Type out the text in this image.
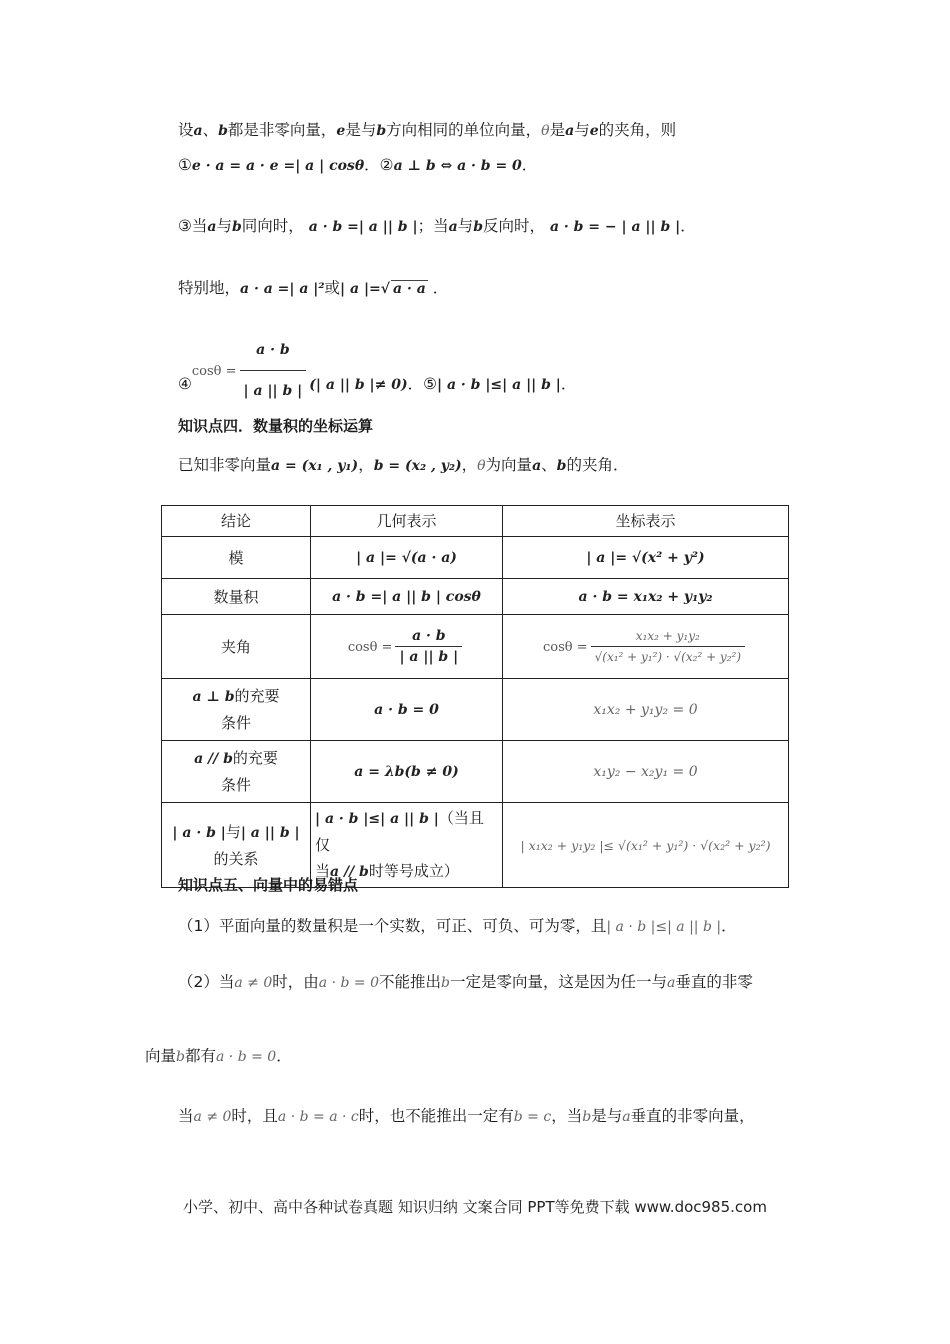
设a、b都是非零向量，e是与b方向相同的单位向量，θ是a与e的夹角，则
①e · a = a · e =| a | cosθ．②a ⊥ b ⇔ a · b = 0．
③当a与b同向时， a · b =| a || b |；当a与b反向时， a · b = − | a || b |．
特别地，a · a =| a |²或| a |=√ a · a ．
④cosθ = $\frac{a \cdot b}{| a || b |}$ (| a || b |≠ 0)．⑤| a · b |≤| a || b |．
知识点四．数量积的坐标运算
已知非零向量a = (x₁ , y₁)，b = (x₂ , y₂)，θ为向量a、b的夹角．
结论	几何表示	坐标表示
模	| a |= √(a · a)	| a |= √(x² + y²)
数量积	a · b =| a || b | cosθ	a · b = x₁x₂ + y₁y₂
夹角	$\cos\theta = \frac{a \cdot b}{| a || b |}$	$\cos\theta = \frac{\text{x₁x₂ + y₁y₂}}{\text{√(x₁² + y₁²) · √(x₂² + y₂²)}}$

a ⊥ b的充要
条件	a · b = 0	x₁x₂ + y₁y₂ = 0
a // b的充要
条件	a = λb(b ≠ 0)	x₁y₂ − x₂y₁ = 0
| a · b |与| a || b |
的关系	| a · b |≤| a || b |（当且仅
当a // b时等号成立）	| x₁x₂ + y₁y₂ |≤ √(x₁² + y₁²) · √(x₂² + y₂²)
知识点五、向量中的易错点
（1）平面向量的数量积是一个实数，可正、可负、可为零，且| a · b |≤| a || b |．
（2）当a ≠ 0时，由a · b = 0不能推出b一定是零向量，这是因为任一与a垂直的非零
向量b都有a · b = 0．
当a ≠ 0时，且a · b = a · c时，也不能推出一定有b = c，当b是与a垂直的非零向量，
小学、初中、高中各种试卷真题 知识归纳 文案合同 PPT等免费下载 www.doc985.com
